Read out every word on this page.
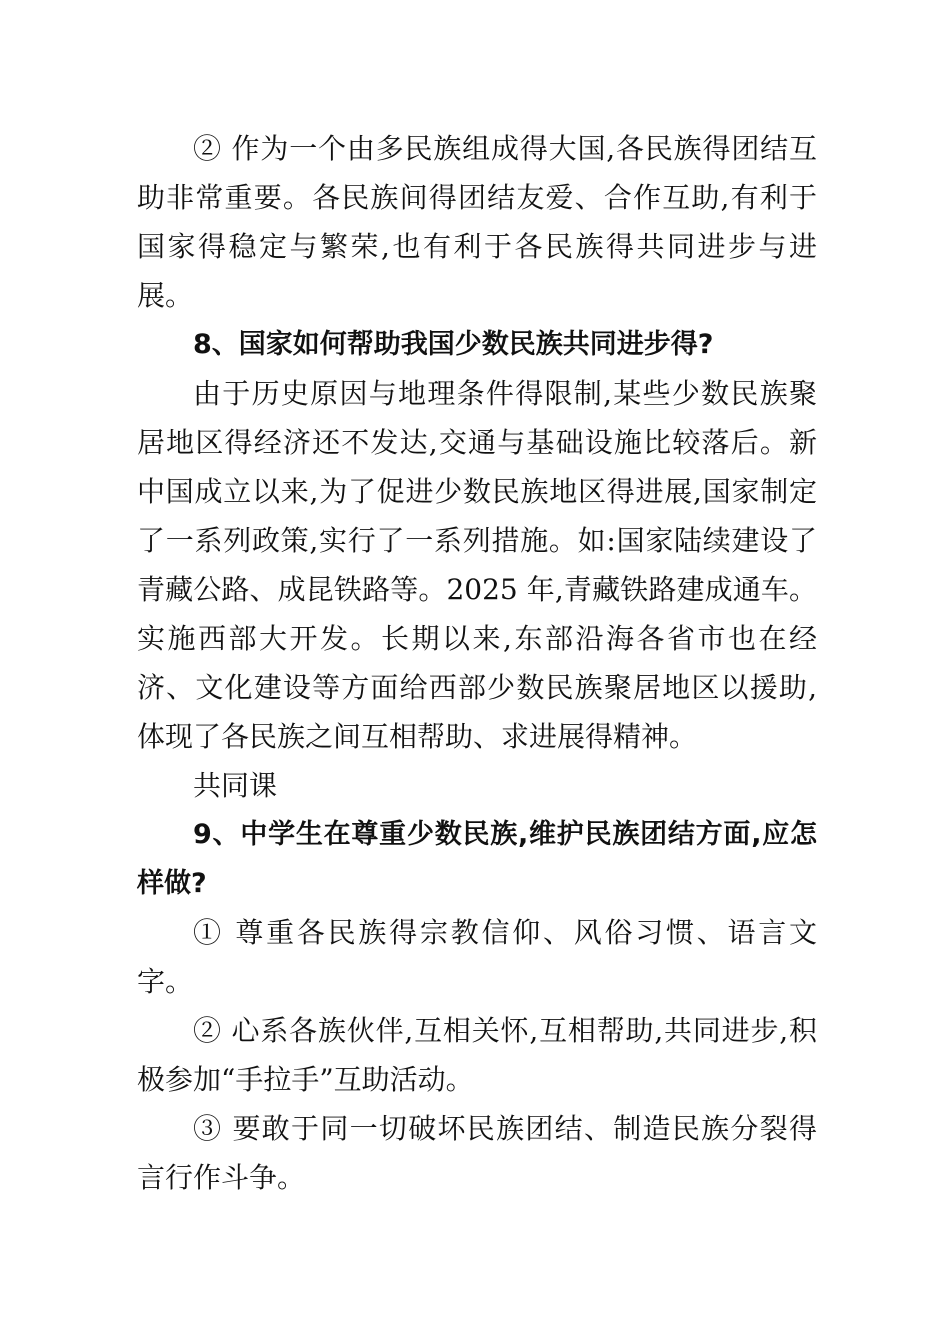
② 作为一个由多民族组成得大国,各民族得团结互助非常重要。各民族间得团结友爱、合作互助,有利于国家得稳定与繁荣,也有利于各民族得共同进步与进展。

8、国家如何帮助我国少数民族共同进步得?

由于历史原因与地理条件得限制,某些少数民族聚居地区得经济还不发达,交通与基础设施比较落后。新中国成立以来,为了促进少数民族地区得进展,国家制定了一系列政策,实行了一系列措施。如:国家陆续建设了青藏公路、成昆铁路等。2025 年,青藏铁路建成通车。实施西部大开发。长期以来,东部沿海各省市也在经济、文化建设等方面给西部少数民族聚居地区以援助,体现了各民族之间互相帮助、求进展得精神。

共同课

9、中学生在尊重少数民族,维护民族团结方面,应怎样做?

① 尊重各民族得宗教信仰、风俗习惯、语言文字。

② 心系各族伙伴,互相关怀,互相帮助,共同进步,积极参加“手拉手”互助活动。

③ 要敢于同一切破坏民族团结、制造民族分裂得言行作斗争。
